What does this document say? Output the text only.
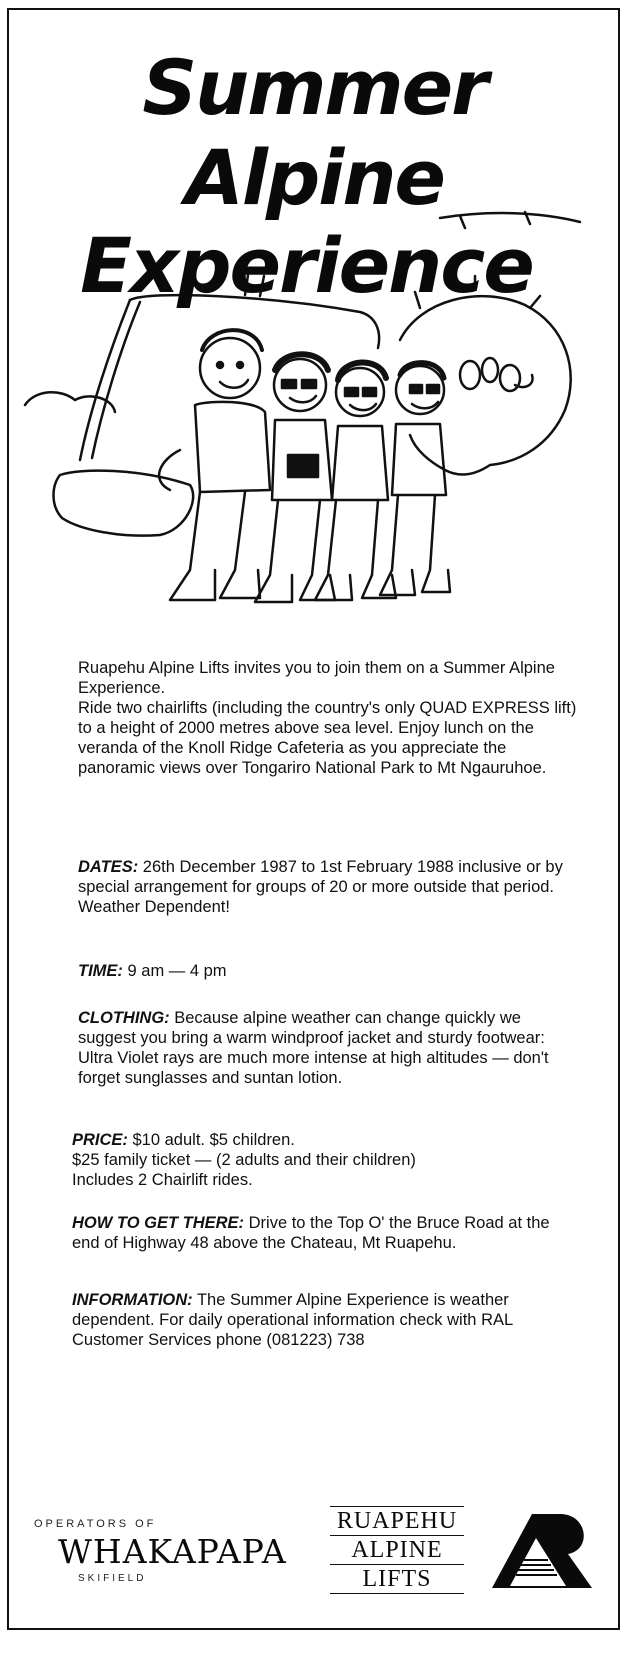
Summer
Alpine
Experience

Ruapehu Alpine Lifts invites you to join them on a Summer Alpine Experience.

Ride two chairlifts (including the country's only QUAD EXPRESS lift) to a height of 2000 metres above sea level. Enjoy lunch on the veranda of the Knoll Ridge Cafeteria as you appreciate the panoramic views over Tongariro National Park to Mt Ngauruhoe.

DATES: 26th December 1987 to 1st February 1988 inclusive or by special arrangement for groups of 20 or more outside that period.

Weather Dependent!

TIME: 9 am — 4 pm

CLOTHING: Because alpine weather can change quickly we suggest you bring a warm windproof jacket and sturdy footwear:

Ultra Violet rays are much more intense at high altitudes — don't forget sunglasses and suntan lotion.

PRICE: $10 adult. $5 children.

$25 family ticket — (2 adults and their children)

Includes 2 Chairlift rides.

HOW TO GET THERE: Drive to the Top O' the Bruce Road at the end of Highway 48 above the Chateau, Mt Ruapehu.

INFORMATION: The Summer Alpine Experience is weather dependent. For daily operational information check with RAL Customer Services phone (081223) 738

OPERATORS OF
WHAKAPAPA
SKIFIELD
RUAPEHU
ALPINE
LIFTS
